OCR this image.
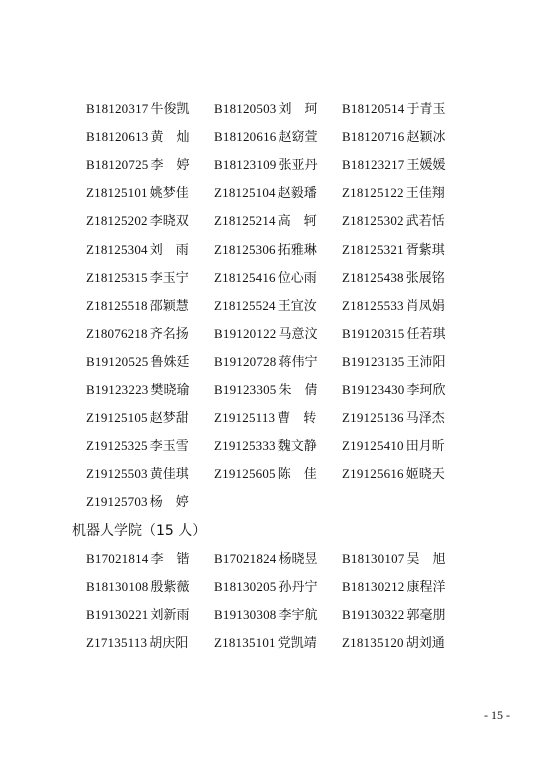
B18120317 牛俊凯 B18120503 刘　珂 B18120514 于青玉
B18120613 黄　灿 B18120616 赵窈萱 B18120716 赵颖冰
B18120725 李　婷 B18123109 张亚丹 B18123217 王媛媛
Z18125101 姚梦佳 Z18125104 赵毅璠 Z18125122 王佳翔
Z18125202 李晓双 Z18125214 高　轲 Z18125302 武若恬
Z18125304 刘　雨 Z18125306 拓雅琳 Z18125321 胥紫琪
Z18125315 李玉宁 Z18125416 位心雨 Z18125438 张展铭
Z18125518 邵颖慧 Z18125524 王宜汝 Z18125533 肖凤娟
Z18076218 齐名扬 B19120122 马意汶 B19120315 任若琪
B19120525 鲁姝廷 B19120728 蒋伟宁 B19123135 王沛阳
B19123223 樊晓瑜 B19123305 朱　倩 B19123430 李珂欣
Z19125105 赵梦甜 Z19125113 曹　转 Z19125136 马泽杰
Z19125325 李玉雪 Z19125333 魏文静 Z19125410 田月昕
Z19125503 黄佳琪 Z19125605 陈　佳 Z19125616 姬晓天
Z19125703 杨　婷
机器人学院（15 人）
B17021814 李　锴 B17021824 杨晓昱 B18130107 吴　旭
B18130108 殷紫薇 B18130205 孙丹宁 B18130212 康程洋
B19130221 刘新雨 B19130308 李宇航 B19130322 郭毫朋
Z17135113 胡庆阳 Z18135101 党凯靖 Z18135120 胡刘通
- 15 -
